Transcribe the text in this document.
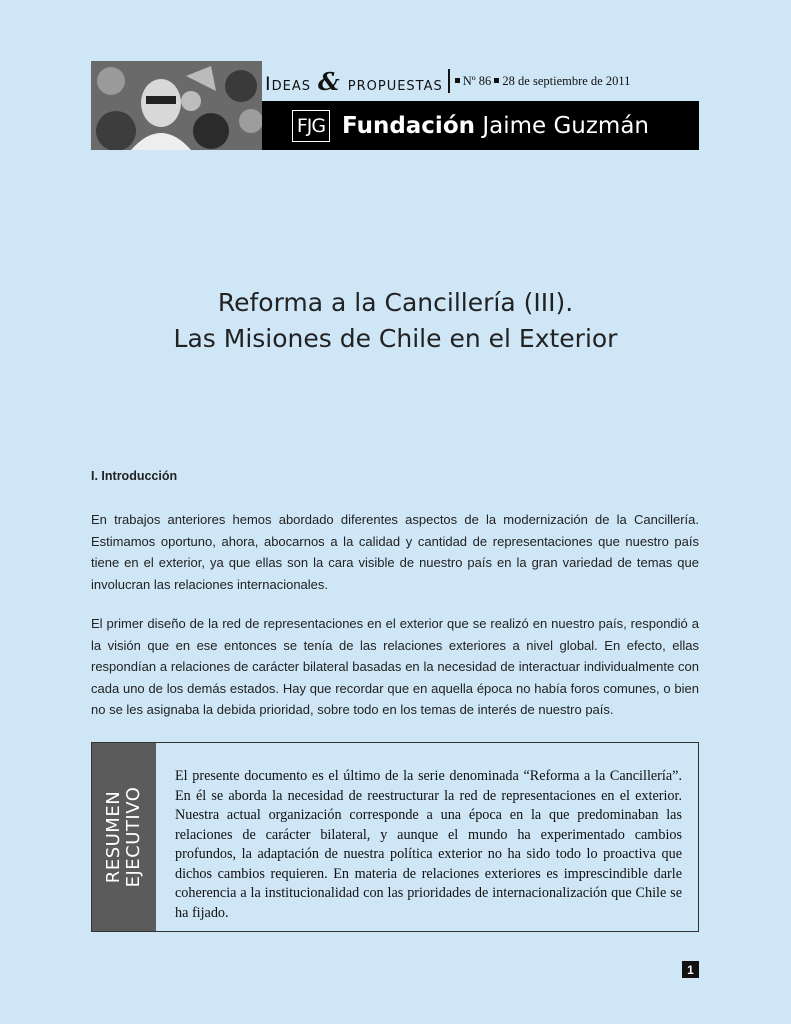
Ideas & propuestas	Nº 86 28 de septiembre de 2011
FJG Fundación Jaime Guzmán
Reforma a la Cancillería (III).
Las Misiones de Chile en el Exterior
I. Introducción

En trabajos anteriores hemos abordado diferentes aspectos de la modernización de la Cancillería. Estimamos oportuno, ahora, abocarnos a la calidad y cantidad de representaciones que nuestro país tiene en el exterior, ya que ellas son la cara visible de nuestro país en la gran variedad de temas que involucran las relaciones internacionales.

El primer diseño de la red de representaciones en el exterior que se realizó en nuestro país, respondió a la visión que en ese entonces se tenía de las relaciones exteriores a nivel global. En efecto, ellas respondían a relaciones de carácter bilateral basadas en la necesidad de interactuar individualmente con cada uno de los demás estados. Hay que recordar que en aquella época no había foros comunes, o bien no se les asignaba la debida prioridad, sobre todo en los temas de interés de nuestro país.

RESUMEN
EJECUTIVO
El presente documento es el último de la serie denominada “Reforma a la Cancillería”. En él se aborda la necesidad de reestructurar la red de representaciones en el exterior. Nuestra actual organización corresponde a una época en la que predominaban las relaciones de carácter bilateral, y aunque el mundo ha experimentado cambios profundos, la adaptación de nuestra política exterior no ha sido todo lo proactiva que dichos cambios requieren. En materia de relaciones exteriores es imprescindible darle coherencia a la institucionalidad con las prioridades de internacionalización que Chile se ha fijado.
1
